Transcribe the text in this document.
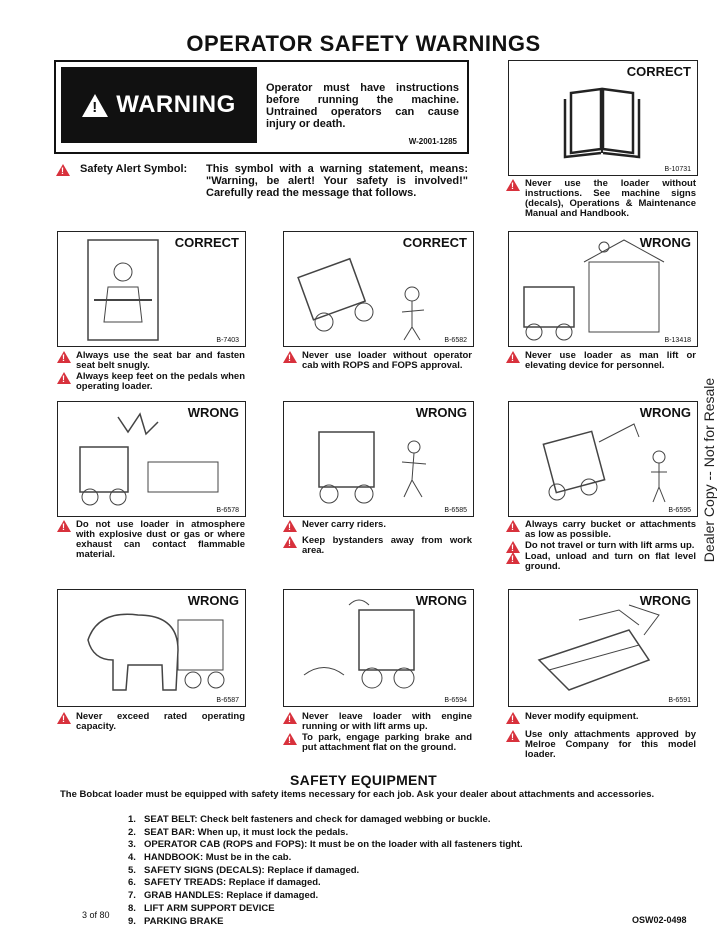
OPERATOR SAFETY WARNINGS
!
WARNING
Operator must have instructions before running the machine. Untrained operators can cause injury or death.
W-2001-1285
!
Safety Alert Symbol: This symbol with a warning statement, means: "Warning, be alert! Your safety is involved!" Carefully read the message that follows.
CORRECT
B-10731
!
Never use the loader without instructions. See machine signs (decals), Operations & Maintenance Manual and Handbook.
CORRECT
B-7403
!
Always use the seat bar and fasten seat belt snugly.
!
Always keep feet on the pedals when operating loader.
CORRECT
B-6582
!
Never use loader without operator cab with ROPS and FOPS approval.
WRONG
B-13418
!
Never use loader as man lift or elevating device for personnel.
WRONG
B-6578
!
Do not use loader in atmosphere with explosive dust or gas or where exhaust can contact flammable material.
WRONG
B-6585
!
Never carry riders.
!
Keep bystanders away from work area.
WRONG
B-6595
!
Always carry bucket or attachments as low as possible.
!
Do not travel or turn with lift arms up.
!
Load, unload and turn on flat level ground.
WRONG
B-6587
!
Never exceed rated operating capacity.
WRONG
B-6594
!
Never leave loader with engine running or with lift arms up.
!
To park, engage parking brake and put attachment flat on the ground.
WRONG
B-6591
!
Never modify equipment.
!
Use only attachments approved by Melroe Company for this model loader.
Dealer Copy -- Not for Resale
SAFETY EQUIPMENT
The Bobcat loader must be equipped with safety items necessary for each job. Ask your dealer about attachments and accessories.
1. SEAT BELT: Check belt fasteners and check for damaged webbing or buckle.
2. SEAT BAR: When up, it must lock the pedals.
3. OPERATOR CAB (ROPS and FOPS): It must be on the loader with all fasteners tight.
4. HANDBOOK: Must be in the cab.
5. SAFETY SIGNS (DECALS): Replace if damaged.
6. SAFETY TREADS: Replace if damaged.
7. GRAB HANDLES: Replace if damaged.
8. LIFT ARM SUPPORT DEVICE
9. PARKING BRAKE
3 of 80	OSW02-0498
